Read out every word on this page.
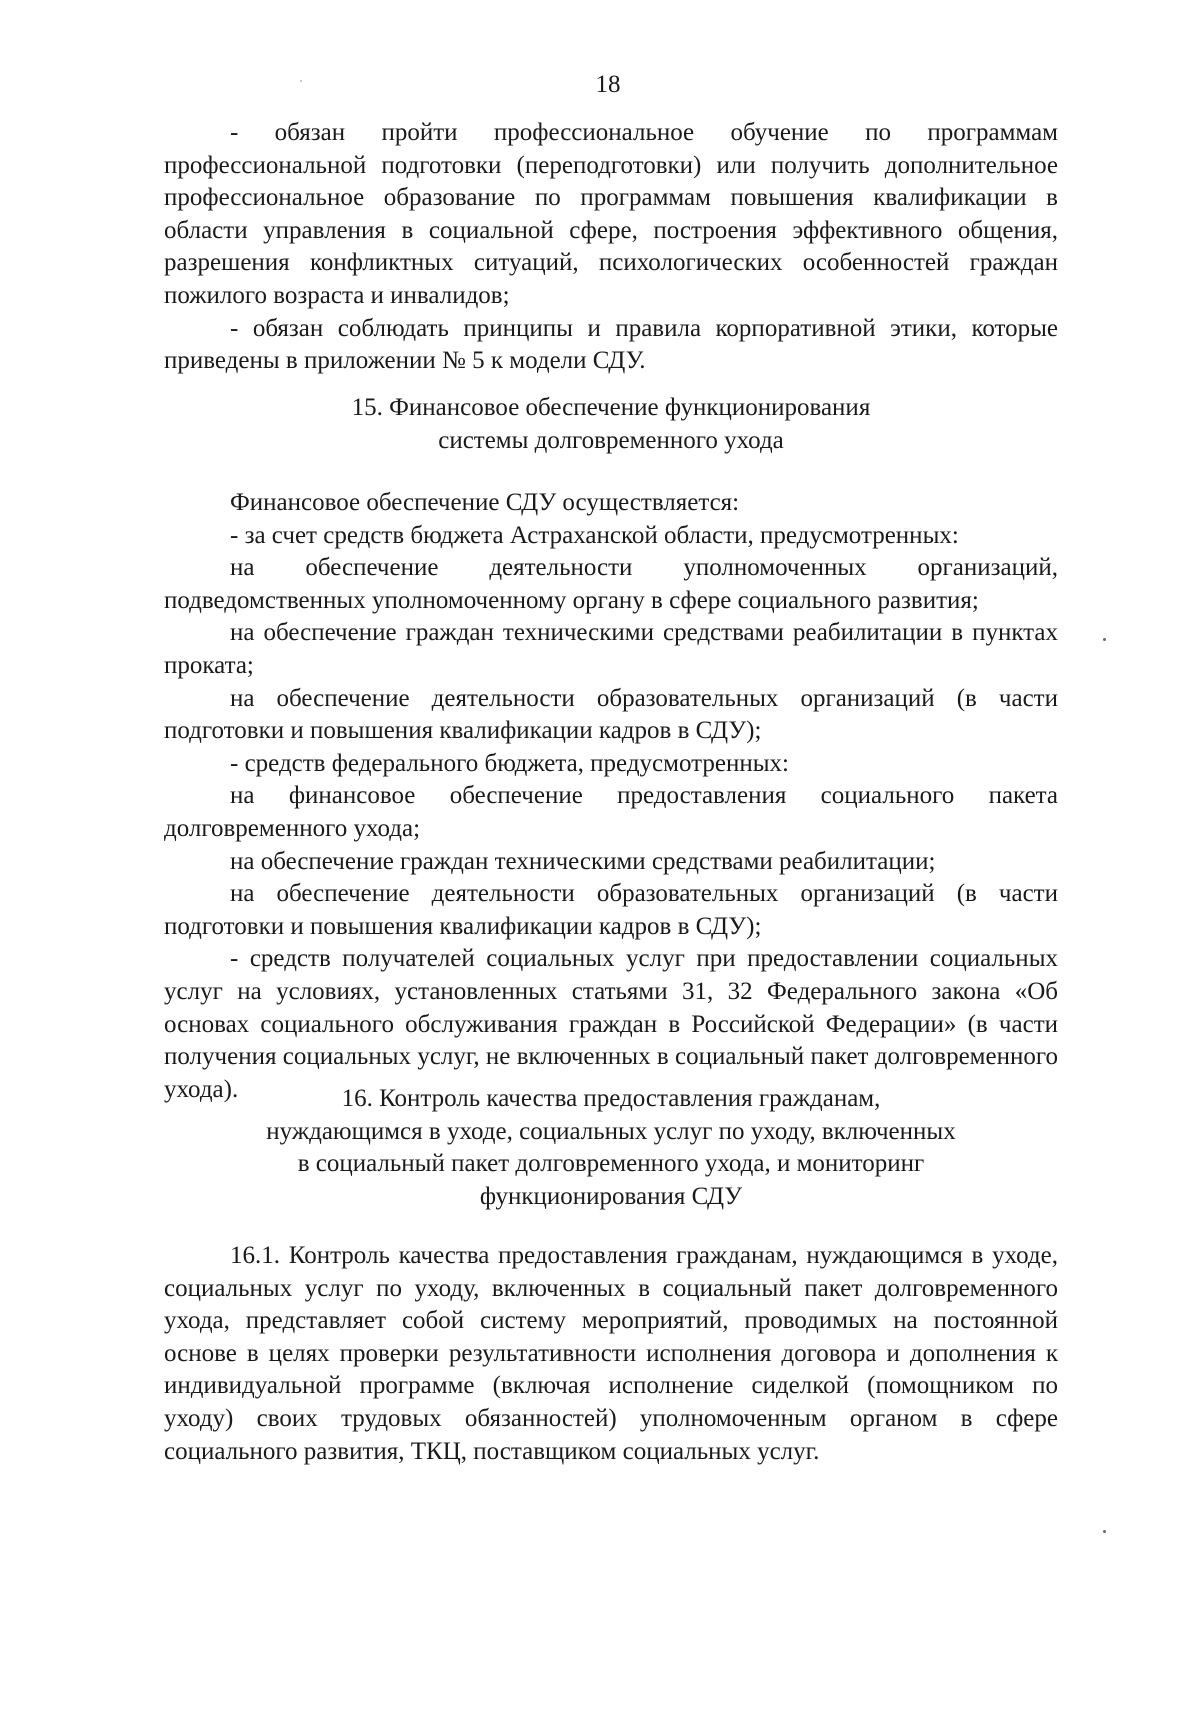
18

- обязан пройти профессиональное обучение по программам профессиональной подготовки (переподготовки) или получить дополнительное профессиональное образование по программам повышения квалификации в области управления в социальной сфере, построения эффективного общения, разрешения конфликтных ситуаций, психологических особенностей граждан пожилого возраста и инвалидов;

- обязан соблюдать принципы и правила корпоративной этики, которые приведены в приложении № 5 к модели СДУ.

15. Финансовое обеспечение функционирования
системы долговременного ухода

Финансовое обеспечение СДУ осуществляется:

- за счет средств бюджета Астраханской области, предусмотренных:

на обеспечение деятельности уполномоченных организаций, подведомственных уполномоченному органу в сфере социального развития;

на обеспечение граждан техническими средствами реабилитации в пунктах проката;

на обеспечение деятельности образовательных организаций (в части подготовки и повышения квалификации кадров в СДУ);

- средств федерального бюджета, предусмотренных:

на финансовое обеспечение предоставления социального пакета долговременного ухода;

на обеспечение граждан техническими средствами реабилитации;

на обеспечение деятельности образовательных организаций (в части подготовки и повышения квалификации кадров в СДУ);

- средств получателей социальных услуг при предоставлении социальных услуг на условиях, установленных статьями 31, 32 Федерального закона «Об основах социального обслуживания граждан в Российской Федерации» (в части получения социальных услуг, не включенных в социальный пакет долговременного ухода).	16. Контроль качества предоставления гражданам,
нуждающимся в уходе, социальных услуг по уходу, включенных
в социальный пакет долговременного ухода, и мониторинг
функционирования СДУ

16.1. Контроль качества предоставления гражданам, нуждающимся в уходе, социальных услуг по уходу, включенных в социальный пакет долговременного ухода, представляет собой систему мероприятий, проводимых на постоянной основе в целях проверки результативности исполнения договора и дополнения к индивидуальной программе (включая исполнение сиделкой (помощником по уходу) своих трудовых обязанностей) уполномоченным органом в сфере социального развития, ТКЦ, поставщиком социальных услуг.
